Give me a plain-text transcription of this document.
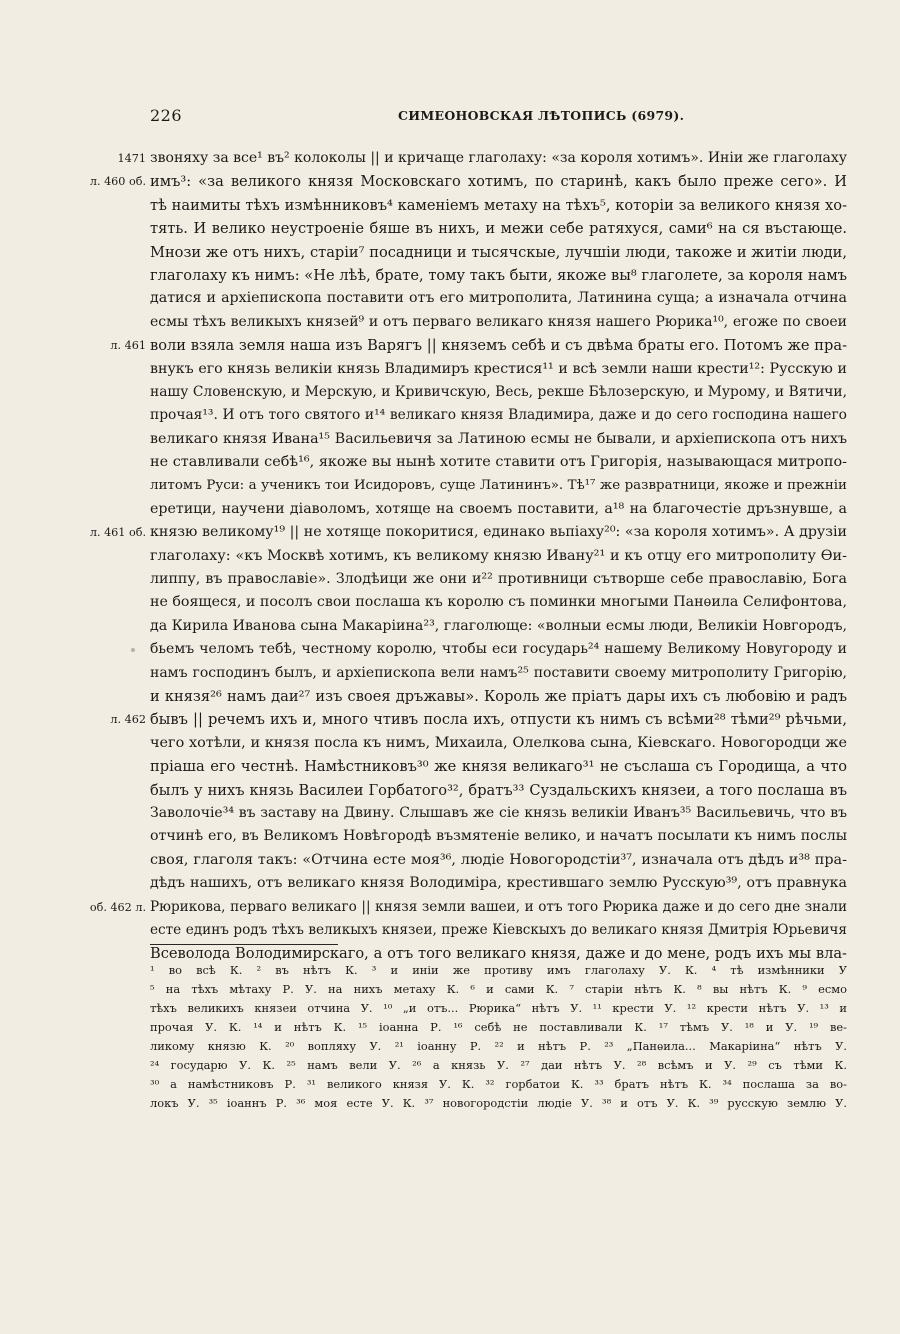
226	СИМЕОНОВСКАЯ ЛѢТОПИСЬ (6979).
1471 звоняху за все¹ въ² колоколы || и кричаще глаголаху: «за короля хотимъ». Иніи же глаголаху
л. 460 об. имъ³: «за великого князя Московскаго хотимъ, по старинѣ, какъ было преже сего». И
тѣ наимиты тѣхъ измѣнниковъ⁴ каменіемъ метаху на тѣхъ⁵, которіи за великого князя хо-
тять. И велико неустроеніе бяше въ нихъ, и межи себе ратяхуся, сами⁶ на ся въстающе.
Мнози же отъ нихъ, старіи⁷ посадници и тысячскые, лучшіи люди, такоже и житіи люди,
глаголаху къ нимъ: «Не лѣѣ, брате, тому такъ быти, якоже вы⁸ глаголете, за короля намъ
датися и архіепископа поставити отъ его митрополита, Латинина суща; а изначала отчина
есмы тѣхъ великыхъ князей⁹ и отъ перваго великаго князя нашего Рюрика¹⁰, егоже по своеи
л. 461 воли взяла земля наша изъ Варягъ || княземъ себѣ и съ двѣма браты его. Потомъ же пра-
внукъ его князь великіи князь Владимиръ крестися¹¹ и всѣ земли наши крести¹²: Русскую и
нашу Словенскую, и Мерскую, и Кривичскую, Весь, рекше Бѣлозерскую, и Мурому, и Вятичи,
прочая¹³. И отъ того святого и¹⁴ великаго князя Владимира, даже и до сего господина нашего
великаго князя Ивана¹⁵ Васильевичя за Латиною есмы не бывали, и архіепископа отъ нихъ
не ставливали себѣ¹⁶, якоже вы нынѣ хотите ставити отъ Григорія, называющася митропо-
литомъ Руси: а ученикъ тои Исидоровъ, суще Латининъ». Тѣ¹⁷ же развратници, якоже и прежніи
еретици, научени діаволомъ, хотяще на своемъ поставити, а¹⁸ на благочестіе дръзнувше, а
л. 461 об. князю великому¹⁹ || не хотяще покоритися, единако вьпіаху²⁰: «за короля хотимъ». А друзіи
глаголаху: «къ Москвѣ хотимъ, къ великому князю Ивану²¹ и къ отцу его митрополиту Ѳи-
липпу, въ православіе». Злодѣици же они и²² противници сътворше себе православію, Бога
не боящеся, и посолъ свои послаша къ королю съ поминки многыми Панѳила Селифонтова,
да Кирила Иванова сына Макаріина²³, глаголюще: «волныи есмы люди, Великіи Новгородъ,
бьемъ челомъ тебѣ, честному королю, чтобы еси государь²⁴ нашему Великому Новугороду и
намъ господинъ былъ, и архіепископа вели намъ²⁵ поставити своему митрополиту Григорію,
и князя²⁶ намъ даи²⁷ изъ своея дръжавы». Король же пріатъ дары ихъ съ любовію и радъ
л. 462 бывъ || речемъ ихъ и, много чтивъ посла ихъ, отпусти къ нимъ съ всѣми²⁸ тѣми²⁹ рѣчьми,
чего хотѣли, и князя посла къ нимъ, Михаила, Олелкова сына, Кіевскаго. Новогородци же
пріаша его честнѣ. Намѣстниковъ³⁰ же князя великаго³¹ не съслаша съ Городища, а что
былъ у нихъ князь Василеи Горбатого³², братъ³³ Суздальскихъ князеи, а того послаша въ
Заволочіе³⁴ въ заставу на Двину. Слышавъ же сіе князь великіи Иванъ³⁵ Васильевичь, что въ
отчинѣ его, въ Великомъ Новѣгородѣ възмятеніе велико, и начатъ посылати къ нимъ послы
своя, глаголя такъ: «Отчина есте моя³⁶, людіе Новогородстіи³⁷, изначала отъ дѣдъ и³⁸ пра-
дѣдъ нашихъ, отъ великаго князя Володиміра, крестившаго землю Русскую³⁹, отъ правнука
об. 462 л. Рюрикова, перваго великаго || князя земли вашеи, и отъ того Рюрика даже и до сего дне знали
есте единъ родъ тѣхъ великыхъ князеи, преже Кіевскыхъ до великаго князя Дмитрія Юрьевичя
Всеволода Володимирскаго, а отъ того великаго князя, даже и до мене, родъ ихъ мы вла-
¹ во всѣ К. ² въ нѣтъ К. ³ и иніи же противу имъ глаголаху У. К. ⁴ тѣ измѣнники У
⁵ на тѣхъ мѣтаху Р. У. на нихъ метаху К. ⁶ и сами К. ⁷ старіи нѣтъ К. ⁸ вы нѣтъ К. ⁹ есмо
тѣхъ великихъ князеи отчина У. ¹⁰ „и отъ... Рюрика“ нѣтъ У. ¹¹ крести У. ¹² крести нѣтъ У. ¹³ и
прочая У. К. ¹⁴ и нѣтъ К. ¹⁵ іоанна Р. ¹⁶ себѣ не поставливали К. ¹⁷ тѣмъ У. ¹⁸ и У. ¹⁹ ве-
ликому князю К. ²⁰ вопляху У. ²¹ іоанну Р. ²² и нѣтъ Р. ²³ „Панѳила... Макаріина“ нѣтъ У.
²⁴ государю У. К. ²⁵ намъ вели У. ²⁶ а князь У. ²⁷ даи нѣтъ У. ²⁸ всѣмъ и У. ²⁹ съ тѣми К.
³⁰ а намѣстниковъ Р. ³¹ великого князя У. К. ³² горбатои К. ³³ братъ нѣтъ К. ³⁴ послаша за во-
локъ У. ³⁵ іоаннъ Р. ³⁶ моя есте У. К. ³⁷ новогородстіи людіе У. ³⁸ и отъ У. К. ³⁹ русскую землю У.
